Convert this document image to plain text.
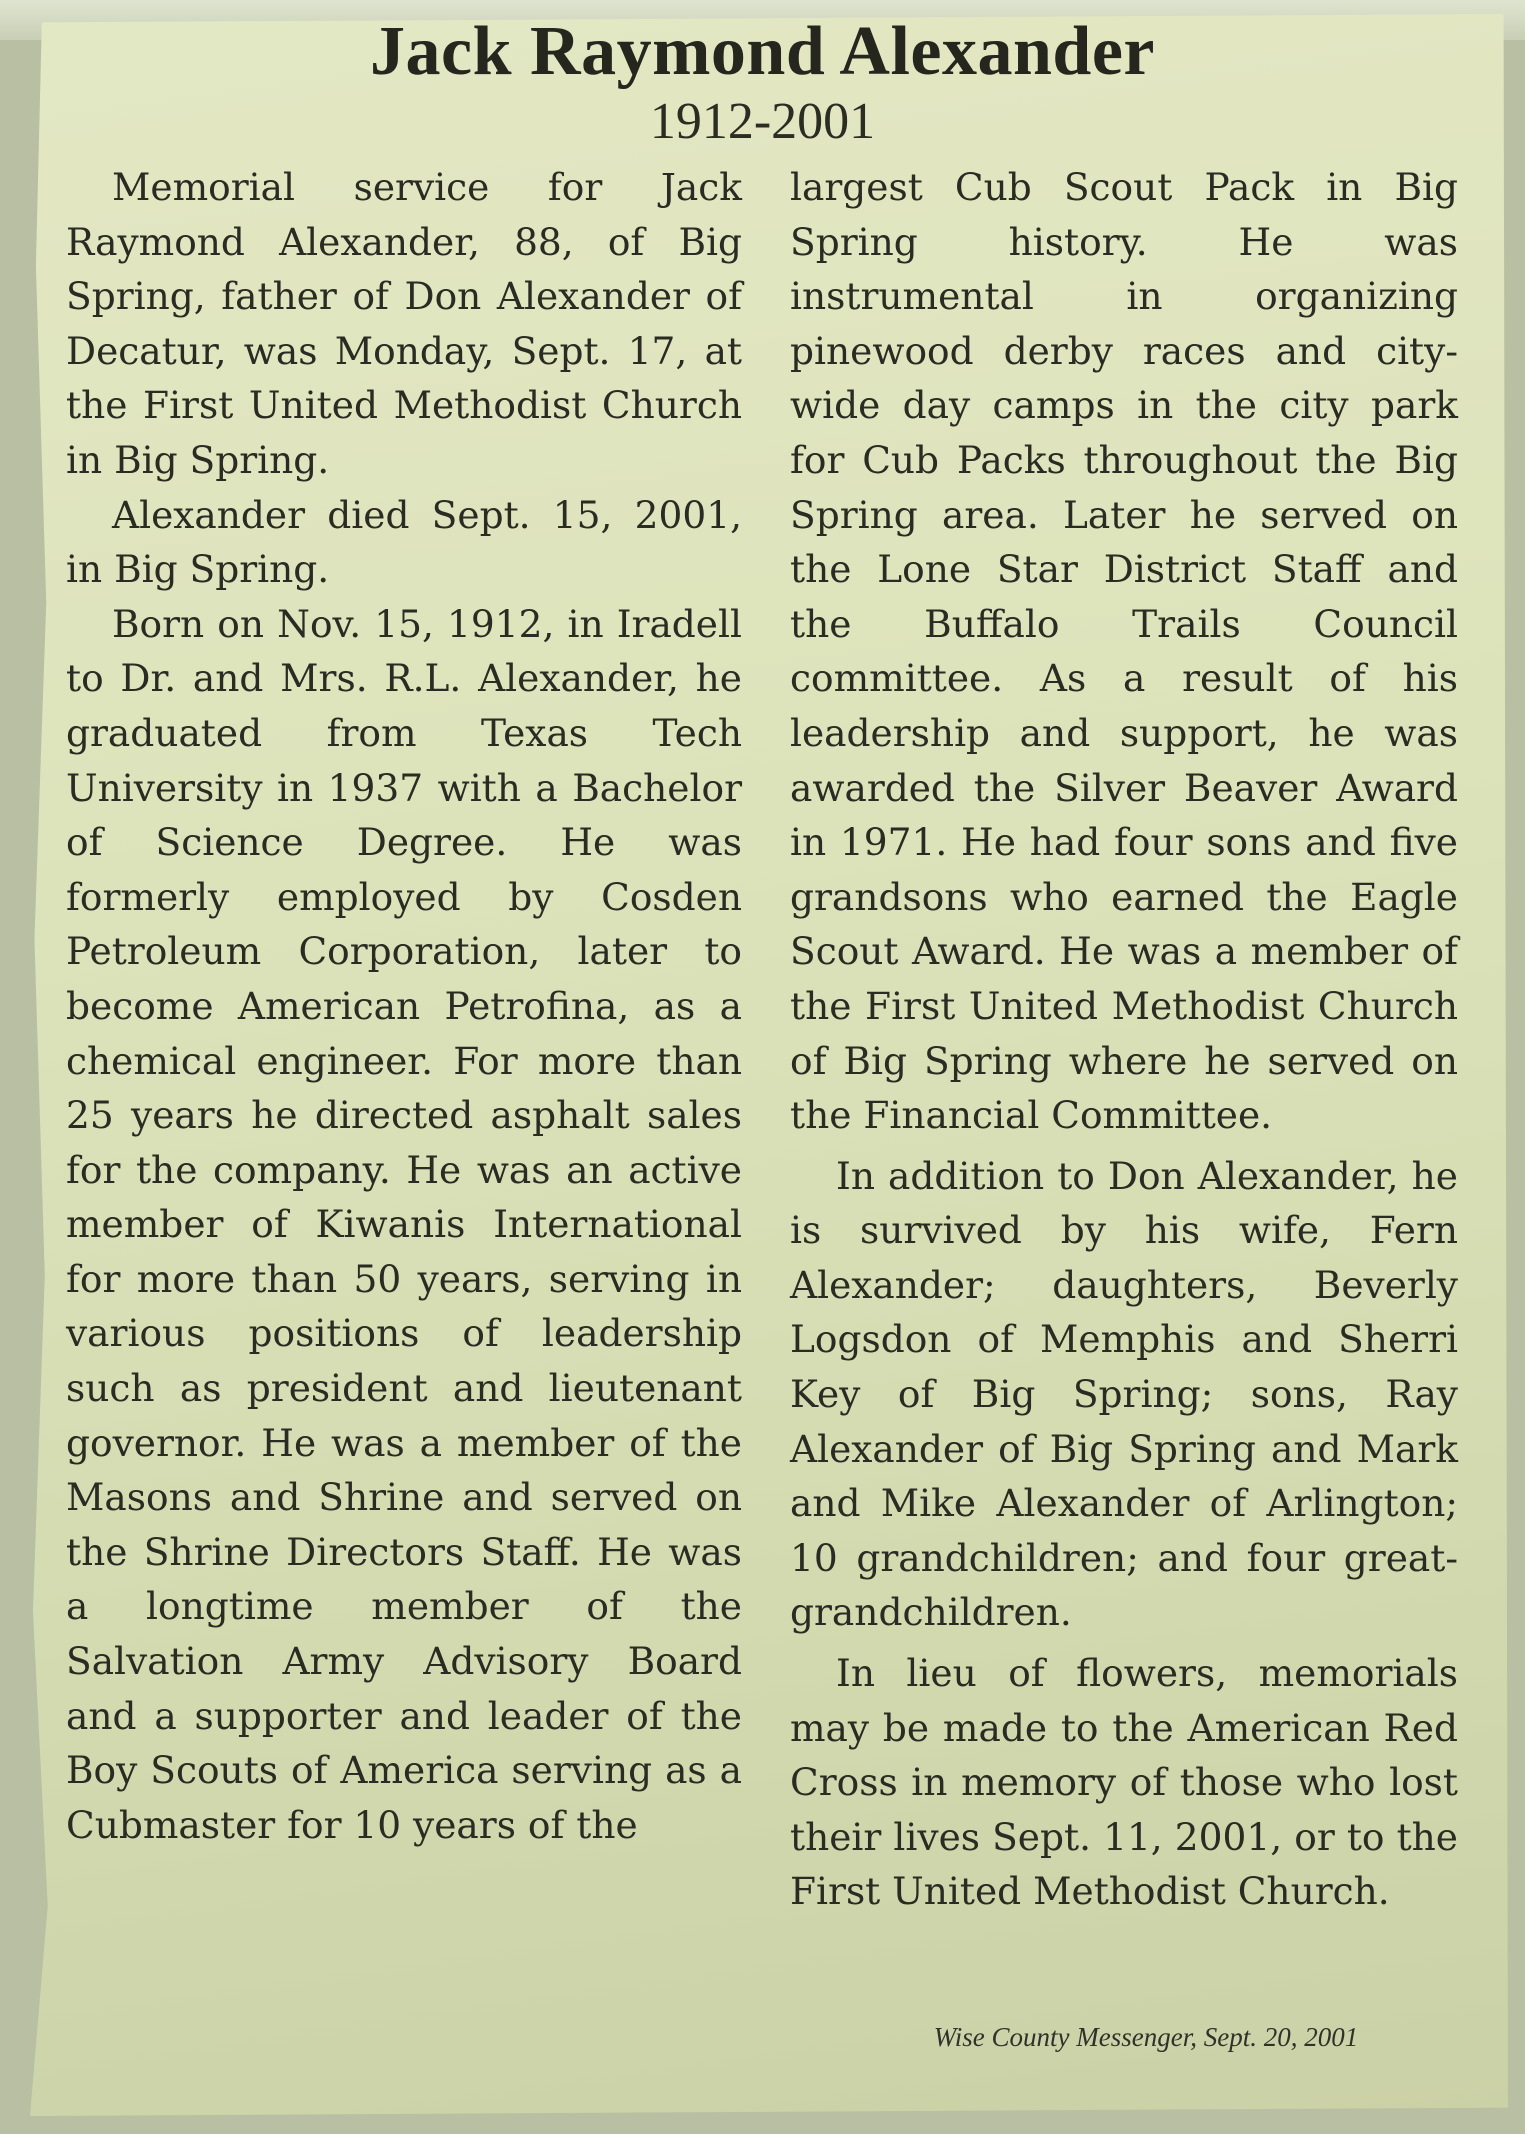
Jack Raymond Alexander
1912-2001

Memorial service for Jack Raymond Alexander, 88, of Big Spring, father of Don Alexander of Decatur, was Monday, Sept. 17, at the First United Methodist Church in Big Spring.

Alexander died Sept. 15, 2001, in Big Spring.

Born on Nov. 15, 1912, in Iradell to Dr. and Mrs. R.L. Alexander, he graduated from Texas Tech University in 1937 with a Bachelor of Science Degree. He was formerly employed by Cosden Petroleum Corporation, later to become American Petrofina, as a chemical engineer. For more than 25 years he directed asphalt sales for the company. He was an active member of Kiwanis International for more than 50 years, serving in various positions of leadership such as president and lieutenant governor. He was a member of the Masons and Shrine and served on the Shrine Directors Staff. He was a longtime member of the Salvation Army Advisory Board and a supporter and leader of the Boy Scouts of America serving as a Cubmaster for 10 years of the

largest Cub Scout Pack in Big Spring history. He was instrumental in organizing pinewood derby races and city-wide day camps in the city park for Cub Packs throughout the Big Spring area. Later he served on the Lone Star District Staff and the Buffalo Trails Council committee. As a result of his leadership and support, he was awarded the Silver Beaver Award in 1971. He had four sons and five grandsons who earned the Eagle Scout Award. He was a member of the First United Methodist Church of Big Spring where he served on the Financial Committee.

In addition to Don Alexander, he is survived by his wife, Fern Alexander; daughters, Beverly Logsdon of Memphis and Sherri Key of Big Spring; sons, Ray Alexander of Big Spring and Mark and Mike Alexander of Arlington; 10 grandchildren; and four great-grandchildren.

In lieu of flowers, memorials may be made to the American Red Cross in memory of those who lost their lives Sept. 11, 2001, or to the First United Methodist Church.

Wise County Messenger, Sept. 20, 2001
